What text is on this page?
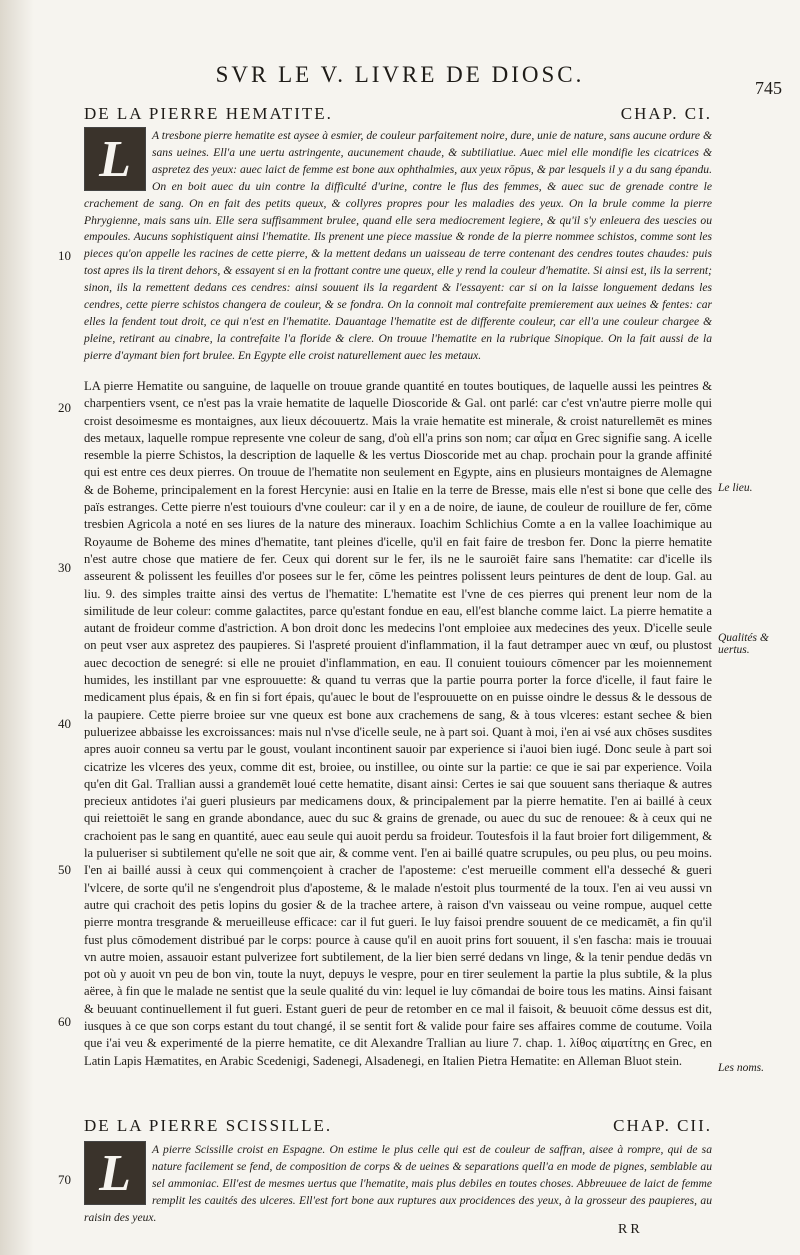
SVR LE V. LIVRE DE DIOSC.
745
DE LA PIERRE HEMATITE.	CHAP. CI.
L	A tresbone pierre hematite est aysee à esmier, de couleur parfaitement noire, dure, unie de nature, sans aucune ordure & sans ueines. Ell'a une uertu astringente, aucunement chaude, & subtiliatiue. Auec miel elle mondifie les cicatrices & aspretez des yeux: auec laict de femme est bone aux ophthalmies, aux yeux rōpus, & par lesquels il y a du sang épandu. On en boit auec du uin contre la difficulté d'urine, contre le flus des femmes, & auec suc de grenade contre le crachement de sang. On en fait des petits queux, & collyres propres pour les maladies des yeux. On la brule comme la pierre Phrygienne, mais sans uin. Elle sera suffisamment brulee, quand elle sera mediocrement legiere, & qu'il s'y enleuera des uescies ou empoules. Aucuns sophistiquent ainsi l'hematite. Ils prenent une piece massiue & ronde de la pierre nommee schistos, comme sont les pieces qu'on appelle les racines de cette pierre, & la mettent dedans un uaisseau de terre contenant des cendres toutes chaudes: puis tost apres ils la tirent dehors, & essayent si en la frottant contre une queux, elle y rend la couleur d'hematite. Si ainsi est, ils la serrent; sinon, ils la remettent dedans ces cendres: ainsi souuent ils la regardent & l'essayent: car si on la laisse longuement dedans les cendres, cette pierre schistos changera de couleur, & se fondra. On la connoit mal contrefaite premierement aux ueines & fentes: car elles la fendent tout droit, ce qui n'est en l'hematite. Dauantage l'hematite est de differente couleur, car ell'a une couleur chargee & pleine, retirant au cinabre, la contrefaite l'a floride & clere. On trouue l'hematite en la rubrique Sinopique. On la fait aussi de la pierre d'aymant bien fort brulee. En Egypte elle croist naturellement auec les metaux.

LA pierre Hematite ou sanguine, de laquelle on trouue grande quantité en toutes boutiques, de laquelle aussi les peintres & charpentiers vsent, ce n'est pas la vraie hematite de laquelle Dioscoride & Gal. ont parlé: car c'est vn'autre pierre molle qui croist desoimesme es montaignes, aux lieux découuertz. Mais la vraie hematite est minerale, & croist naturellemēt es mines des metaux, laquelle rompue represente vne coleur de sang, d'où ell'a prins son nom; car αἷμα en Grec signifie sang. A icelle resemble la pierre Schistos, la description de laquelle & les vertus Dioscoride met au chap. prochain pour la grande affinité qui est entre ces deux pierres. On trouue de l'hematite non seulement en Egypte, ains en plusieurs montaignes de Alemagne & de Boheme, principalement en la forest Hercynie: ausi en Italie en la terre de Bresse, mais elle n'est si bone que celle des païs estranges. Cette pierre n'est touiours d'vne couleur: car il y en a de noire, de iaune, de couleur de rouillure de fer, cōme tresbien Agricola a noté en ses liures de la nature des mineraux. Ioachim Schlichius Comte a en la vallee Ioachimique au Royaume de Boheme des mines d'hematite, tant pleines d'icelle, qu'il en fait faire de tresbon fer. Donc la pierre hematite n'est autre chose que matiere de fer. Ceux qui dorent sur le fer, ils ne le sauroiēt faire sans l'hematite: car d'icelle ils asseurent & polissent les feuilles d'or posees sur le fer, cōme les peintres polissent leurs peintures de dent de loup. Gal. au liu. 9. des simples traitte ainsi des vertus de l'hematite: L'hematite est l'vne de ces pierres qui prenent leur nom de la similitude de leur coleur: comme galactites, parce qu'estant fondue en eau, ell'est blanche comme laict. La pierre hematite a autant de froideur comme d'astriction. A bon droit donc les medecins l'ont emploiee aux medecines des yeux. D'icelle seule on peut vser aux aspretez des paupieres. Si l'aspreté prouient d'inflammation, il la faut detramper auec vn œuf, ou plustost auec decoction de senegré: si elle ne prouiet d'inflammation, en eau. Il conuient touiours cōmencer par les moiennement humides, les instillant par vne esprouuette: & quand tu verras que la partie pourra porter la force d'icelle, il faut faire le medicament plus épais, & en fin si fort épais, qu'auec le bout de l'esprouuette on en puisse oindre le dessus & le dessous de la paupiere. Cette pierre broiee sur vne queux est bone aux crachemens de sang, & à tous vlceres: estant sechee & bien puluerizee abbaisse les excroissances: mais nul n'vse d'icelle seule, ne à part soi. Quant à moi, i'en ai vsé aux chōses susdites apres auoir conneu sa vertu par le goust, voulant incontinent sauoir par experience si i'auoi bien iugé. Donc seule à part soi cicatrize les vlceres des yeux, comme dit est, broiee, ou instillee, ou ointe sur la partie: ce que ie sai par experience. Voila qu'en dit Gal. Trallian aussi a grandemēt loué cette hematite, disant ainsi: Certes ie sai que souuent sans theriaque & autres precieux antidotes i'ai gueri plusieurs par medicamens doux, & principalement par la pierre hematite. I'en ai baillé à ceux qui reiettoiēt le sang en grande abondance, auec du suc & grains de grenade, ou auec du suc de renouee: & à ceux qui ne crachoient pas le sang en quantité, auec eau seule qui auoit perdu sa froideur. Toutesfois il la faut broier fort diligemment, & la pulueriser si subtilement qu'elle ne soit que air, & comme vent. I'en ai baillé quatre scrupules, ou peu plus, ou peu moins. I'en ai baillé aussi à ceux qui commençoient à cracher de l'aposteme: c'est merueille comment ell'a desseché & gueri l'vlcere, de sorte qu'il ne s'engendroit plus d'aposteme, & le malade n'estoit plus tourmenté de la toux. I'en ai veu aussi vn autre qui crachoit des petis lopins du gosier & de la trachee artere, à raison d'vn vaisseau ou veine rompue, auquel cette pierre montra tresgrande & merueilleuse efficace: car il fut gueri. Ie luy faisoi prendre souuent de ce medicamēt, a fin qu'il fust plus cōmodement distribué par le corps: pource à cause qu'il en auoit prins fort souuent, il s'en fascha: mais ie trouuai vn autre moien, assauoir estant pulverizee fort subtilement, de la lier bien serré dedans vn linge, & la tenir pendue dedās vn pot où y auoit vn peu de bon vin, toute la nuyt, depuys le vespre, pour en tirer seulement la partie la plus subtile, & la plus aëree, à fin que le malade ne sentist que la seule qualité du vin: lequel ie luy cōmandai de boire tous les matins. Ainsi faisant & beuuant continuellement il fut gueri. Estant gueri de peur de retomber en ce mal il faisoit, & beuuoit cōme dessus est dit, iusques à ce que son corps estant du tout changé, il se sentit fort & valide pour faire ses affaires comme de coutume. Voila que i'ai veu & experimenté de la pierre hematite, ce dit Alexandre Trallian au liure 7. chap. 1. λίθος αἱματίτης en Grec, en Latin Lapis Hæmatites, en Arabic Scedenigi, Sadenegi, Alsadenegi, en Italien Pietra Hematite: en Alleman Bluot stein.

DE LA PIERRE SCISSILLE.	CHAP. CII.
L	A pierre Scissille croist en Espagne. On estime le plus celle qui est de couleur de saffran, aisee à rompre, qui de sa nature facilement se fend, de composition de corps & de ueines & separations quell'a en mode de pignes, semblable au sel ammoniac. Ell'est de mesmes uertus que l'hematite, mais plus debiles en toutes choses. Abbreuuee de laict de femme remplit les cauités des ulceres. Ell'est fort bone aux ruptures aux procidences des yeux, à la grosseur des paupieres, au raisin des yeux.

10
20
30
40
50
60
70
Le lieu.
Qualités & uertus.
Les noms.
RR
